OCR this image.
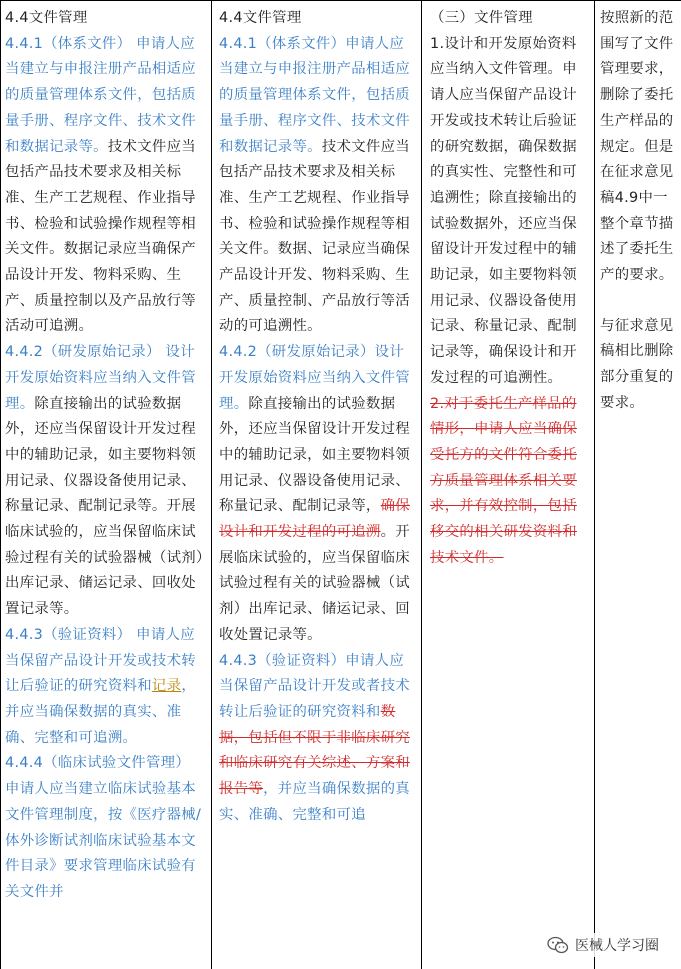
4.4文件管理

4.4.1（体系文件） 申请人应当建立与申报注册产品相适应的质量管理体系文件，包括质量手册、程序文件、技术文件和数据记录等。技术文件应当包括产品技术要求及相关标准、生产工艺规程、作业指导书、检验和试验操作规程等相关文件。数据记录应当确保产品设计开发、物料采购、生产、质量控制以及产品放行等活动可追溯。

4.4.2（研发原始记录） 设计开发原始资料应当纳入文件管理。除直接输出的试验数据外，还应当保留设计开发过程中的辅助记录，如主要物料领用记录、仪器设备使用记录、称量记录、配制记录等。开展临床试验的，应当保留临床试验过程有关的试验器械（试剂）出库记录、储运记录、回收处置记录等。

4.4.3（验证资料） 申请人应当保留产品设计开发或技术转让后验证的研究资料和记录，并应当确保数据的真实、准确、完整和可追溯。

4.4.4（临床试验文件管理） 申请人应当建立临床试验基本文件管理制度，按《医疗器械/体外诊断试剂临床试验基本文件目录》要求管理临床试验有关文件并

4.4文件管理

4.4.1（体系文件）申请人应当建立与申报注册产品相适应的质量管理体系文件，包括质量手册、程序文件、技术文件和数据记录等。技术文件应当包括产品技术要求及相关标准、生产工艺规程、作业指导书、检验和试验操作规程等相关文件。数据、记录应当确保产品设计开发、物料采购、生产、质量控制、产品放行等活动的可追溯性。

4.4.2（研发原始记录）设计开发原始资料应当纳入文件管理。除直接输出的试验数据外，还应当保留设计开发过程中的辅助记录，如主要物料领用记录、仪器设备使用记录、称量记录、配制记录等，确保设计和开发过程的可追溯。开展临床试验的，应当保留临床试验过程有关的试验器械（试剂）出库记录、储运记录、回收处置记录等。

4.4.3（验证资料）申请人应当保留产品设计开发或者技术转让后验证的研究资料和数据，包括但不限于非临床研究和临床研究有关综述、方案和报告等，并应当确保数据的真实、准确、完整和可追

（三）文件管理

1.设计和开发原始资料应当纳入文件管理。申请人应当保留产品设计开发或技术转让后验证的研究数据，确保数据的真实性、完整性和可追溯性；除直接输出的试验数据外，还应当保留设计开发过程中的辅助记录，如主要物料领用记录、仪器设备使用记录、称量记录、配制记录等，确保设计和开发过程的可追溯性。

2.对于委托生产样品的情形，申请人应当确保受托方的文件符合委托方质量管理体系相关要求，并有效控制，包括移交的相关研发资料和技术文件。

按照新的范围写了文件管理要求，删除了委托生产样品的规定。但是在征求意见稿4.9中一整个章节描述了委托生产的要求。

与征求意见稿相比删除部分重复的要求。

医械人学习圈
